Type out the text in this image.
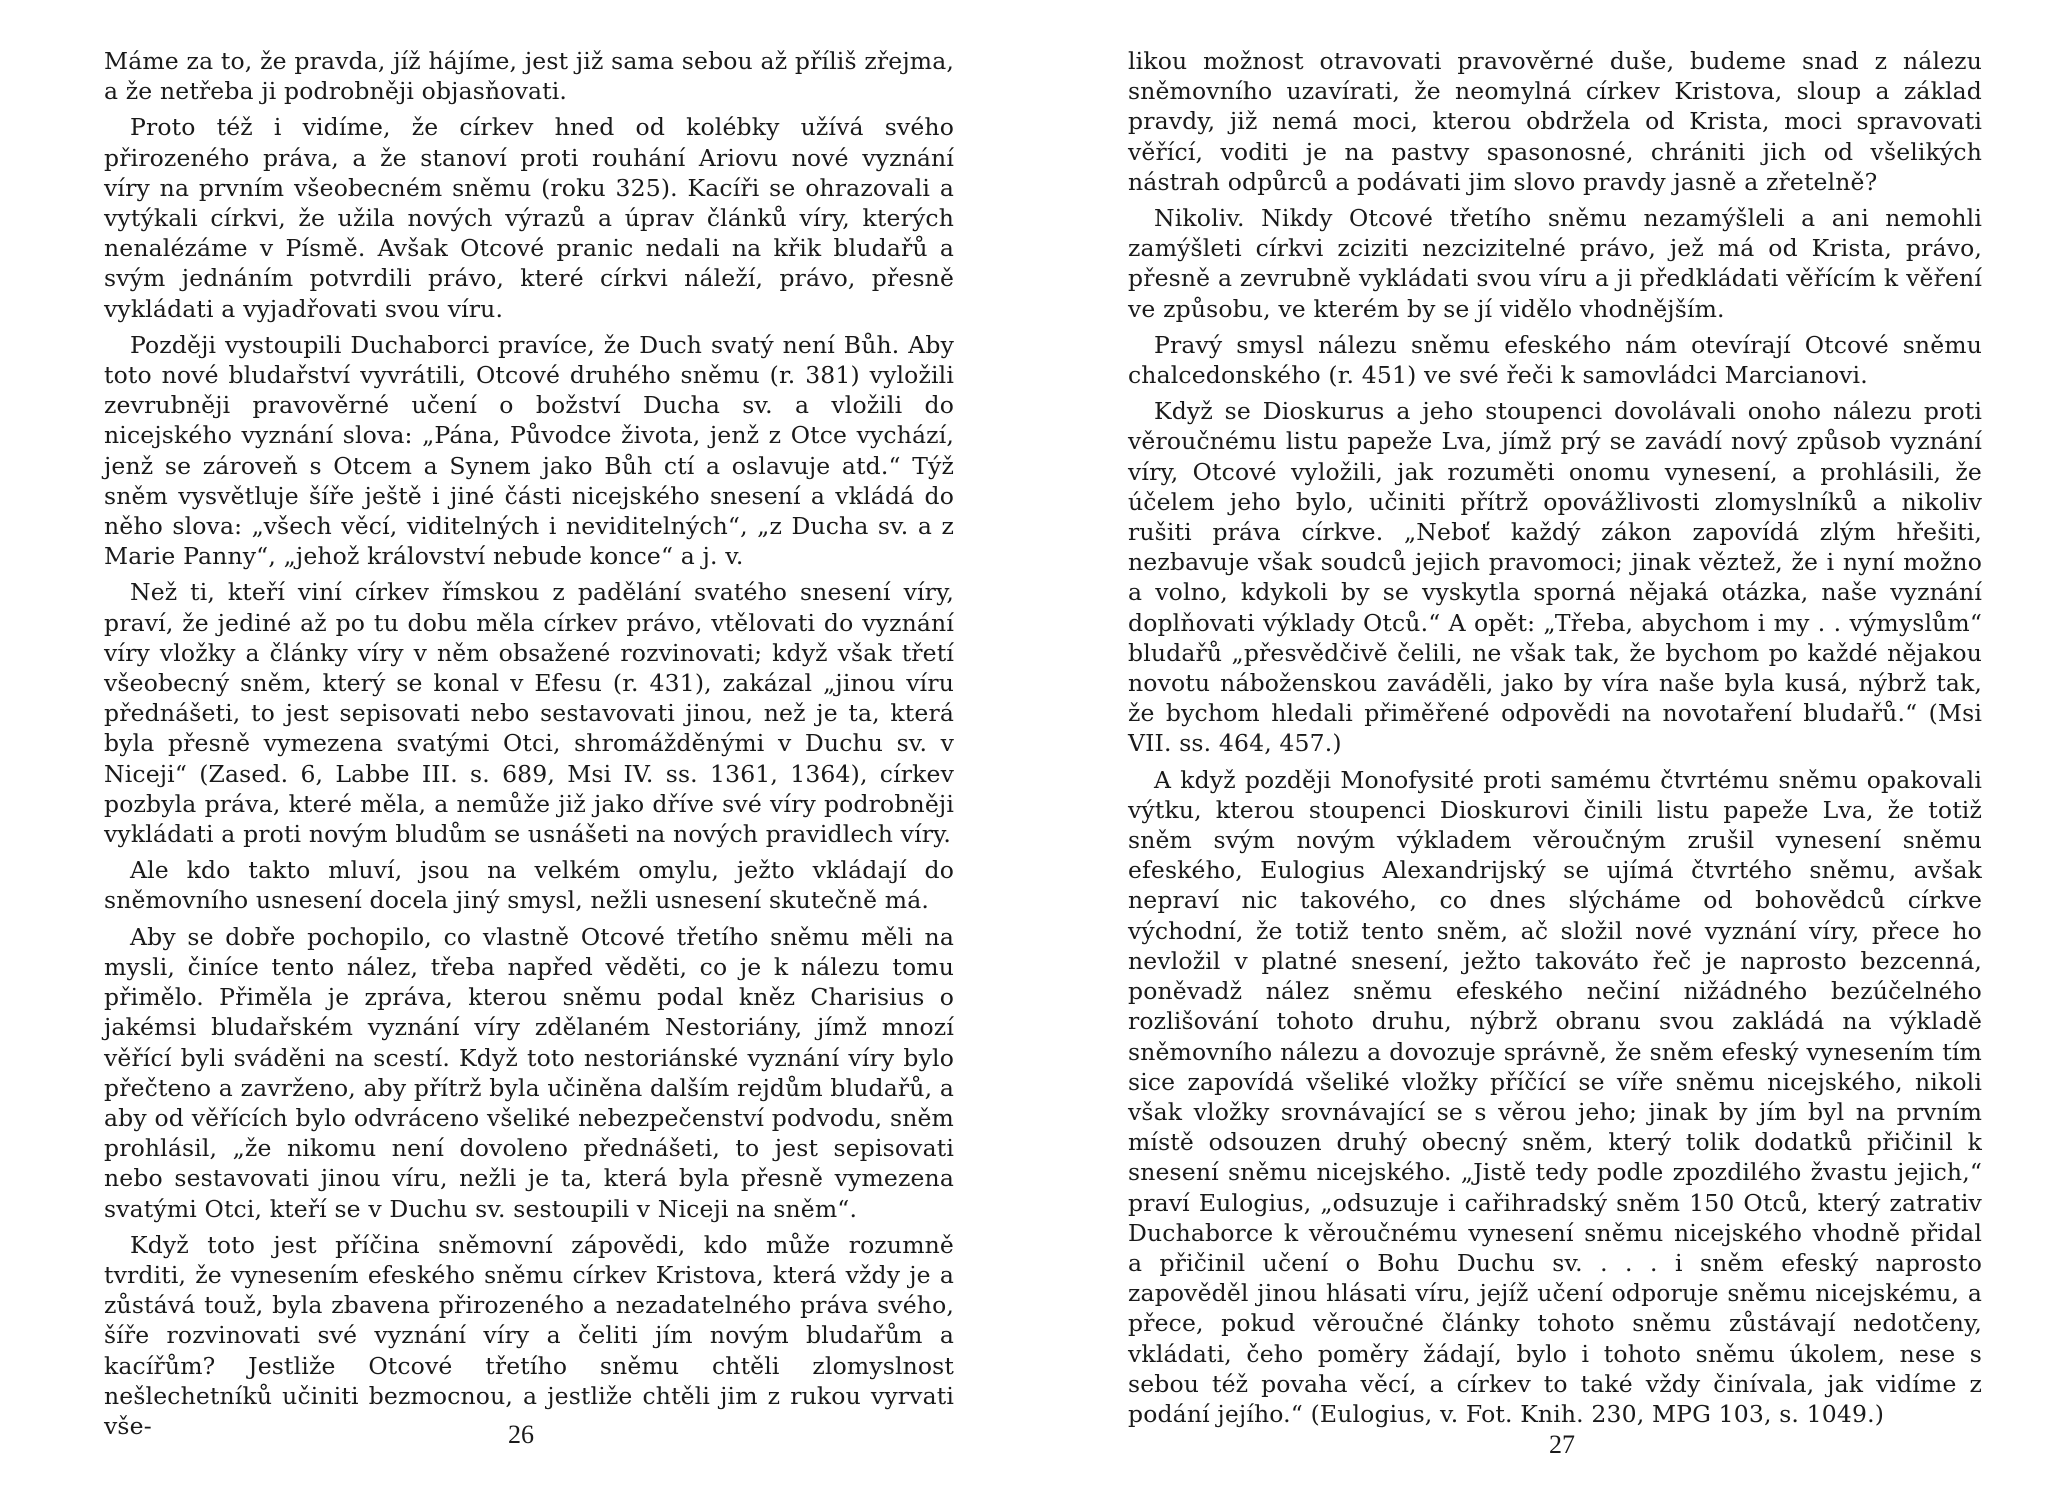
Máme za to, že pravda, jíž hájíme, jest již sama sebou až příliš zřejma, a že netřeba ji podrobněji objasňovati.

Proto též i vidíme, že církev hned od kolébky užívá svého přirozeného práva, a že stanoví proti rouhání Ariovu nové vyznání víry na prvním všeobecném sněmu (roku 325). Kacíři se ohrazovali a vytýkali církvi, že užila nových výrazů a úprav článků víry, kterých nenalézáme v Písmě. Avšak Otcové pranic nedali na křik bludařů a svým jednáním potvrdili právo, které církvi náleží, právo, přesně vykládati a vyjadřovati svou víru.

Později vystoupili Duchaborci pravíce, že Duch svatý není Bůh. Aby toto nové bludařství vyvrátili, Otcové druhého sněmu (r. 381) vyložili zevrubněji pravověrné učení o božství Ducha sv. a vložili do nicejského vyznání slova: „Pána, Původce života, jenž z Otce vychází, jenž se zároveň s Otcem a Synem jako Bůh ctí a oslavuje atd.“ Týž sněm vysvětluje šíře ještě i jiné části nicejského snesení a vkládá do něho slova: „všech věcí, viditelných i neviditelných“, „z Ducha sv. a z Marie Panny“, „jehož království nebude konce“ a j. v.

Než ti, kteří viní církev římskou z padělání svatého snesení víry, praví, že jediné až po tu dobu měla církev právo, vtělovati do vyznání víry vložky a články víry v něm obsažené rozvinovati; když však třetí všeobecný sněm, který se konal v Efesu (r. 431), zakázal „jinou víru přednášeti, to jest sepisovati nebo sestavovati jinou, než je ta, která byla přesně vymezena svatými Otci, shromážděnými v Duchu sv. v Niceji“ (Zased. 6, Labbe III. s. 689, Msi IV. ss. 1361, 1364), církev pozbyla práva, které měla, a nemůže již jako dříve své víry podrobněji vykládati a proti novým bludům se usnášeti na nových pravidlech víry.

Ale kdo takto mluví, jsou na velkém omylu, ježto vkládají do sněmovního usnesení docela jiný smysl, nežli usnesení skutečně má.

Aby se dobře pochopilo, co vlastně Otcové třetího sněmu měli na mysli, činíce tento nález, třeba napřed věděti, co je k nálezu tomu přimělo. Přiměla je zpráva, kterou sněmu podal kněz Charisius o jakémsi bludařském vyznání víry zdělaném Nestoriány, jímž mnozí věřící byli sváděni na scestí. Když toto nestoriánské vyznání víry bylo přečteno a zavrženo, aby přítrž byla učiněna dalším rejdům bludařů, a aby od věřících bylo odvráceno všeliké nebezpečenství podvodu, sněm prohlásil, „že nikomu není dovoleno přednášeti, to jest sepisovati nebo sestavovati jinou víru, nežli je ta, která byla přesně vymezena svatými Otci, kteří se v Duchu sv. sestoupili v Niceji na sněm“.

Když toto jest příčina sněmovní zápovědi, kdo může rozumně tvrditi, že vynesením efeského sněmu církev Kristova, která vždy je a zůstává touž, byla zbavena přirozeného a nezadatelného práva svého, šíře rozvinovati své vyznání víry a čeliti jím novým bludařům a kacířům? Jestliže Otcové třetího sněmu chtěli zlomyslnost nešlechetníků učiniti bezmocnou, a jestliže chtěli jim z rukou vyrvati vše-	26

likou možnost otravovati pravověrné duše, budeme snad z nálezu sněmovního uzavírati, že neomylná církev Kristova, sloup a základ pravdy, již nemá moci, kterou obdržela od Krista, moci spravovati věřící, voditi je na pastvy spasonosné, chrániti jich od všelikých nástrah odpůrců a podávati jim slovo pravdy jasně a zřetelně?

Nikoliv. Nikdy Otcové třetího sněmu nezamýšleli a ani nemohli zamýšleti církvi zciziti nezcizitelné právo, jež má od Krista, právo, přesně a zevrubně vykládati svou víru a ji předkládati věřícím k věření ve způsobu, ve kterém by se jí vidělo vhodnějším.

Pravý smysl nálezu sněmu efeského nám otevírají Otcové sněmu chalcedonského (r. 451) ve své řeči k samovládci Marcianovi.

Když se Dioskurus a jeho stoupenci dovolávali onoho nálezu proti věroučnému listu papeže Lva, jímž prý se zavádí nový způsob vyznání víry, Otcové vyložili, jak rozuměti onomu vynesení, a prohlásili, že účelem jeho bylo, učiniti přítrž opovážlivosti zlomyslníků a nikoliv rušiti práva církve. „Neboť každý zákon zapovídá zlým hřešiti, nezbavuje však soudců jejich pravomoci; jinak věztež, že i nyní možno a volno, kdykoli by se vyskytla sporná nějaká otázka, naše vyznání doplňovati výklady Otců.“ A opět: „Třeba, abychom i my . . výmyslům“ bludařů „přesvědčivě čelili, ne však tak, že bychom po každé nějakou novotu náboženskou zaváděli, jako by víra naše byla kusá, nýbrž tak, že bychom hledali přiměřené odpovědi na novotaření bludařů.“ (Msi VII. ss. 464, 457.)

A když později Monofysité proti samému čtvrtému sněmu opakovali výtku, kterou stoupenci Dioskurovi činili listu papeže Lva, že totiž sněm svým novým výkladem věroučným zrušil vynesení sněmu efeského, Eulogius Alexandrijský se ujímá čtvrtého sněmu, avšak nepraví nic takového, co dnes slýcháme od bohovědců církve východní, že totiž tento sněm, ač složil nové vyznání víry, přece ho nevložil v platné snesení, ježto takováto řeč je naprosto bezcenná, poněvadž nález sněmu efeského nečiní nižádného bezúčelného rozlišování tohoto druhu, nýbrž obranu svou zakládá na výkladě sněmovního nálezu a dovozuje správně, že sněm efeský vynesením tím sice zapovídá všeliké vložky příčící se víře sněmu nicejského, nikoli však vložky srovnávající se s věrou jeho; jinak by jím byl na prvním místě odsouzen druhý obecný sněm, který tolik dodatků přičinil k snesení sněmu nicejského. „Jistě tedy podle zpozdilého žvastu jejich,“ praví Eulogius, „odsuzuje i cařihradský sněm 150 Otců, který zatrativ Duchaborce k věroučnému vynesení sněmu nicejského vhodně přidal a přičinil učení o Bohu Duchu sv. . . . i sněm efeský naprosto zapověděl jinou hlásati víru, jejíž učení odporuje sněmu nicejskému, a přece, pokud věroučné články tohoto sněmu zůstávají nedotčeny, vkládati, čeho poměry žádají, bylo i tohoto sněmu úkolem, nese s sebou též povaha věcí, a církev to také vždy činívala, jak vidíme z podání jejího.“ (Eulogius, v. Fot. Knih. 230, MPG 103, s. 1049.)

27
